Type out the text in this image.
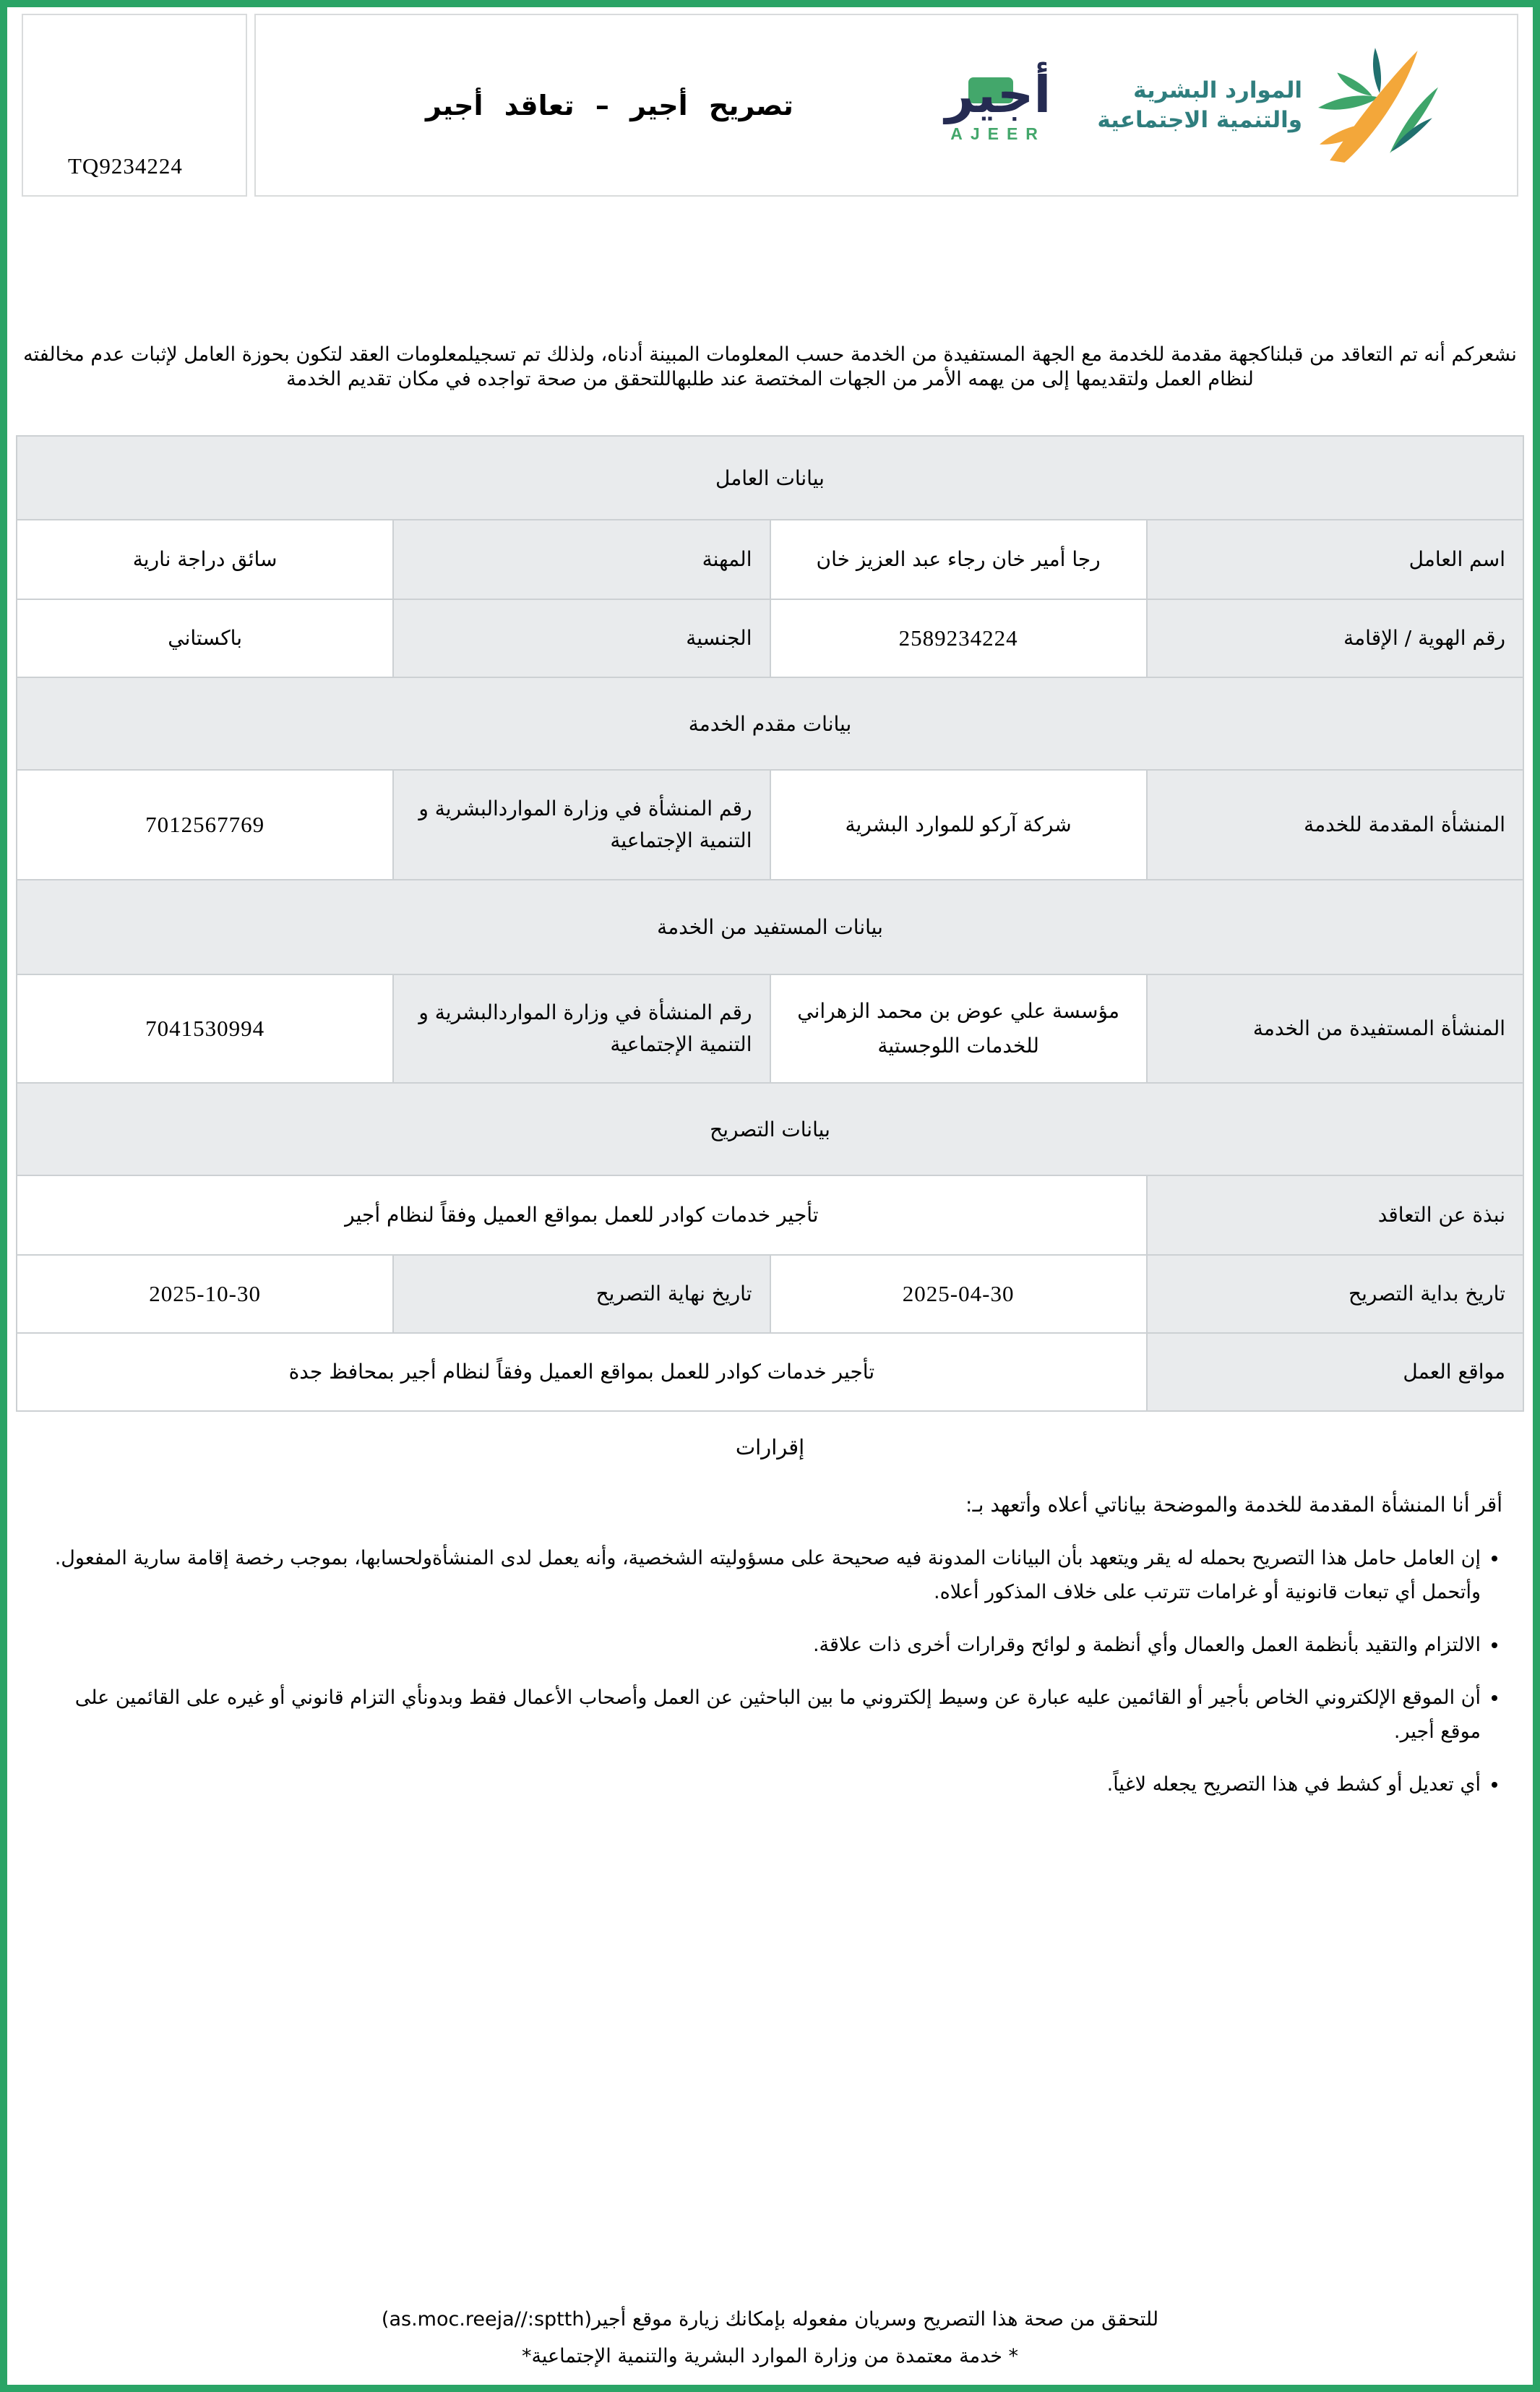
TQ9234224
تصريح أجير – تعاقد أجير	أجير
AJEER
الموارد البشرية
والتنمية الاجتماعية
نشعركم أنه تم التعاقد من قبلناكجهة مقدمة للخدمة مع الجهة المستفيدة من الخدمة حسب المعلومات المبينة أدناه، ولذلك تم تسجيلمعلومات العقد لتكون بحوزة العامل لإثبات عدم مخالفته لنظام العمل ولتقديمها إلى من يهمه الأمر من الجهات المختصة عند طلبهاللتحقق من صحة تواجده في مكان تقديم الخدمة
بيانات العامل			
اسم العامل	رجا أمير خان رجاء عبد العزيز خان	المهنة	سائق دراجة نارية
رقم الهوية / الإقامة	2589234224	الجنسية	باكستاني
بيانات مقدم الخدمة			
المنشأة المقدمة للخدمة	شركة آركو للموارد البشرية	رقم المنشأة في وزارة المواردالبشرية و التنمية الإجتماعية	7012567769
بيانات المستفيد من الخدمة			
المنشأة المستفيدة من الخدمة	مؤسسة علي عوض بن محمد الزهراني للخدمات اللوجستية	رقم المنشأة في وزارة المواردالبشرية و التنمية الإجتماعية	7041530994
بيانات التصريح			
نبذة عن التعاقد	تأجير خدمات كوادر للعمل بمواقع العميل وفقاً لنظام أجير		
تاريخ بداية التصريح	2025-04-30	تاريخ نهاية التصريح	2025-10-30
مواقع العمل	تأجير خدمات كوادر للعمل بمواقع العميل وفقاً لنظام أجير بمحافظ جدة		
إقرارات
أقر أنا المنشأة المقدمة للخدمة والموضحة بياناتي أعلاه وأتعهد بـ:
• إن العامل حامل هذا التصريح بحمله له يقر ويتعهد بأن البيانات المدونة فيه صحيحة على مسؤوليته الشخصية، وأنه يعمل لدى المنشأةولحسابها، بموجب رخصة إقامة سارية المفعول. وأتحمل أي تبعات قانونية أو غرامات تترتب على خلاف المذكور أعلاه.
• الالتزام والتقيد بأنظمة العمل والعمال وأي أنظمة و لوائح وقرارات أخرى ذات علاقة.
• أن الموقع الإلكتروني الخاص بأجير أو القائمين عليه عبارة عن وسيط إلكتروني ما بين الباحثين عن العمل وأصحاب الأعمال فقط وبدونأي التزام قانوني أو غيره على القائمين على موقع أجير.
• أي تعديل أو كشط في هذا التصريح يجعله لاغياً.
للتحقق من صحة هذا التصريح وسريان مفعوله بإمكانك زيارة موقع أجير(as.moc.reeja//:sptth)
* خدمة معتمدة من وزارة الموارد البشرية والتنمية الإجتماعية*
